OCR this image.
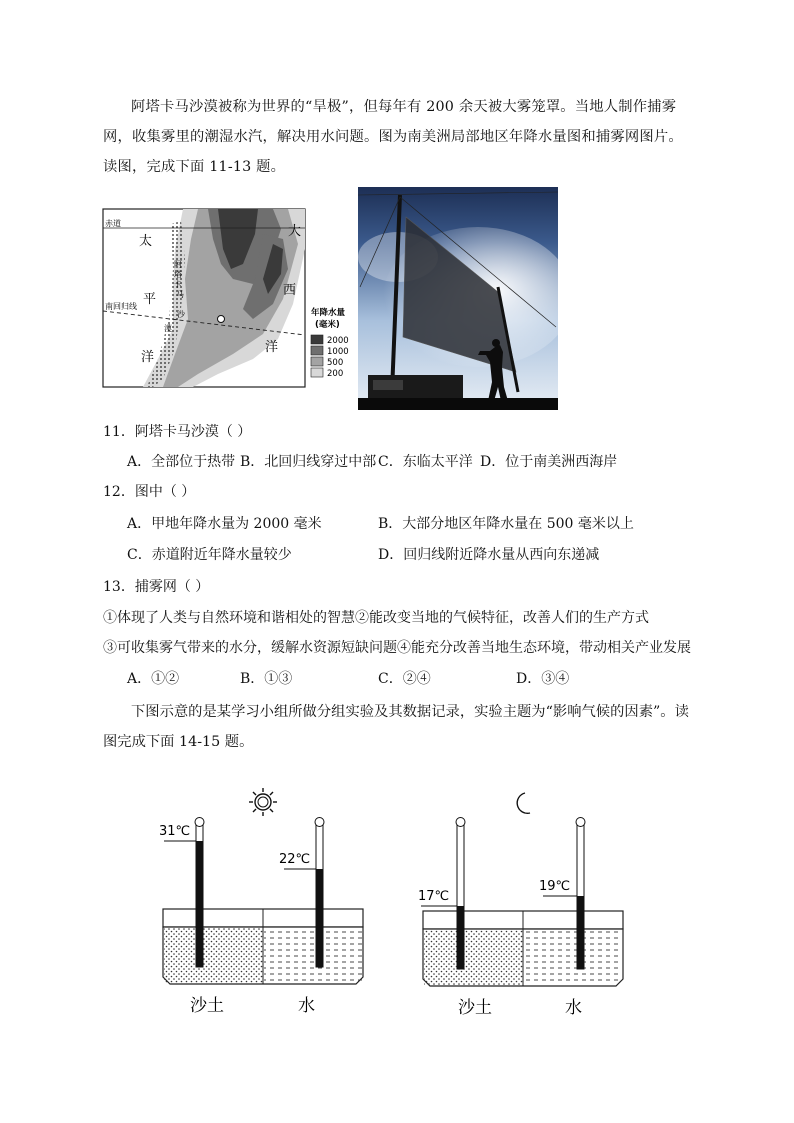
阿塔卡马沙漠被称为世界的“旱极”，但每年有 200 余天被大雾笼罩。当地人制作捕雾网，收集雾里的潮湿水汽，解决用水问题。图为南美洲局部地区年降水量图和捕雾网图片。读图，完成下面 11-13 题。
赤道
南回归线
太
平
洋
大
西
洋
阿
塔
卡
马
沙
漠
年降水量
(毫米)
2000
1000
500
200
11．阿塔卡马沙漠（ ）
A．全部位于热带 B．北回归线穿过中部 C．东临太平洋 D．位于南美洲西海岸
12．图中（ ）
A．甲地年降水量为 2000 毫米	B．大部分地区年降水量在 500 毫米以上
C．赤道附近年降水量较少	D．回归线附近降水量从西向东递减
13．捕雾网（ ）
①体现了人类与自然环境和谐相处的智慧②能改变当地的气候特征，改善人们的生产方式
③可收集雾气带来的水分，缓解水资源短缺问题④能充分改善当地生态环境，带动相关产业发展
A．①②	B．①③	C．②④	D．③④
下图示意的是某学习小组所做分组实验及其数据记录，实验主题为“影响气候的因素”。读图完成下面 14-15 题。
31℃
22℃
17℃
19℃
沙土	水	沙土	水
